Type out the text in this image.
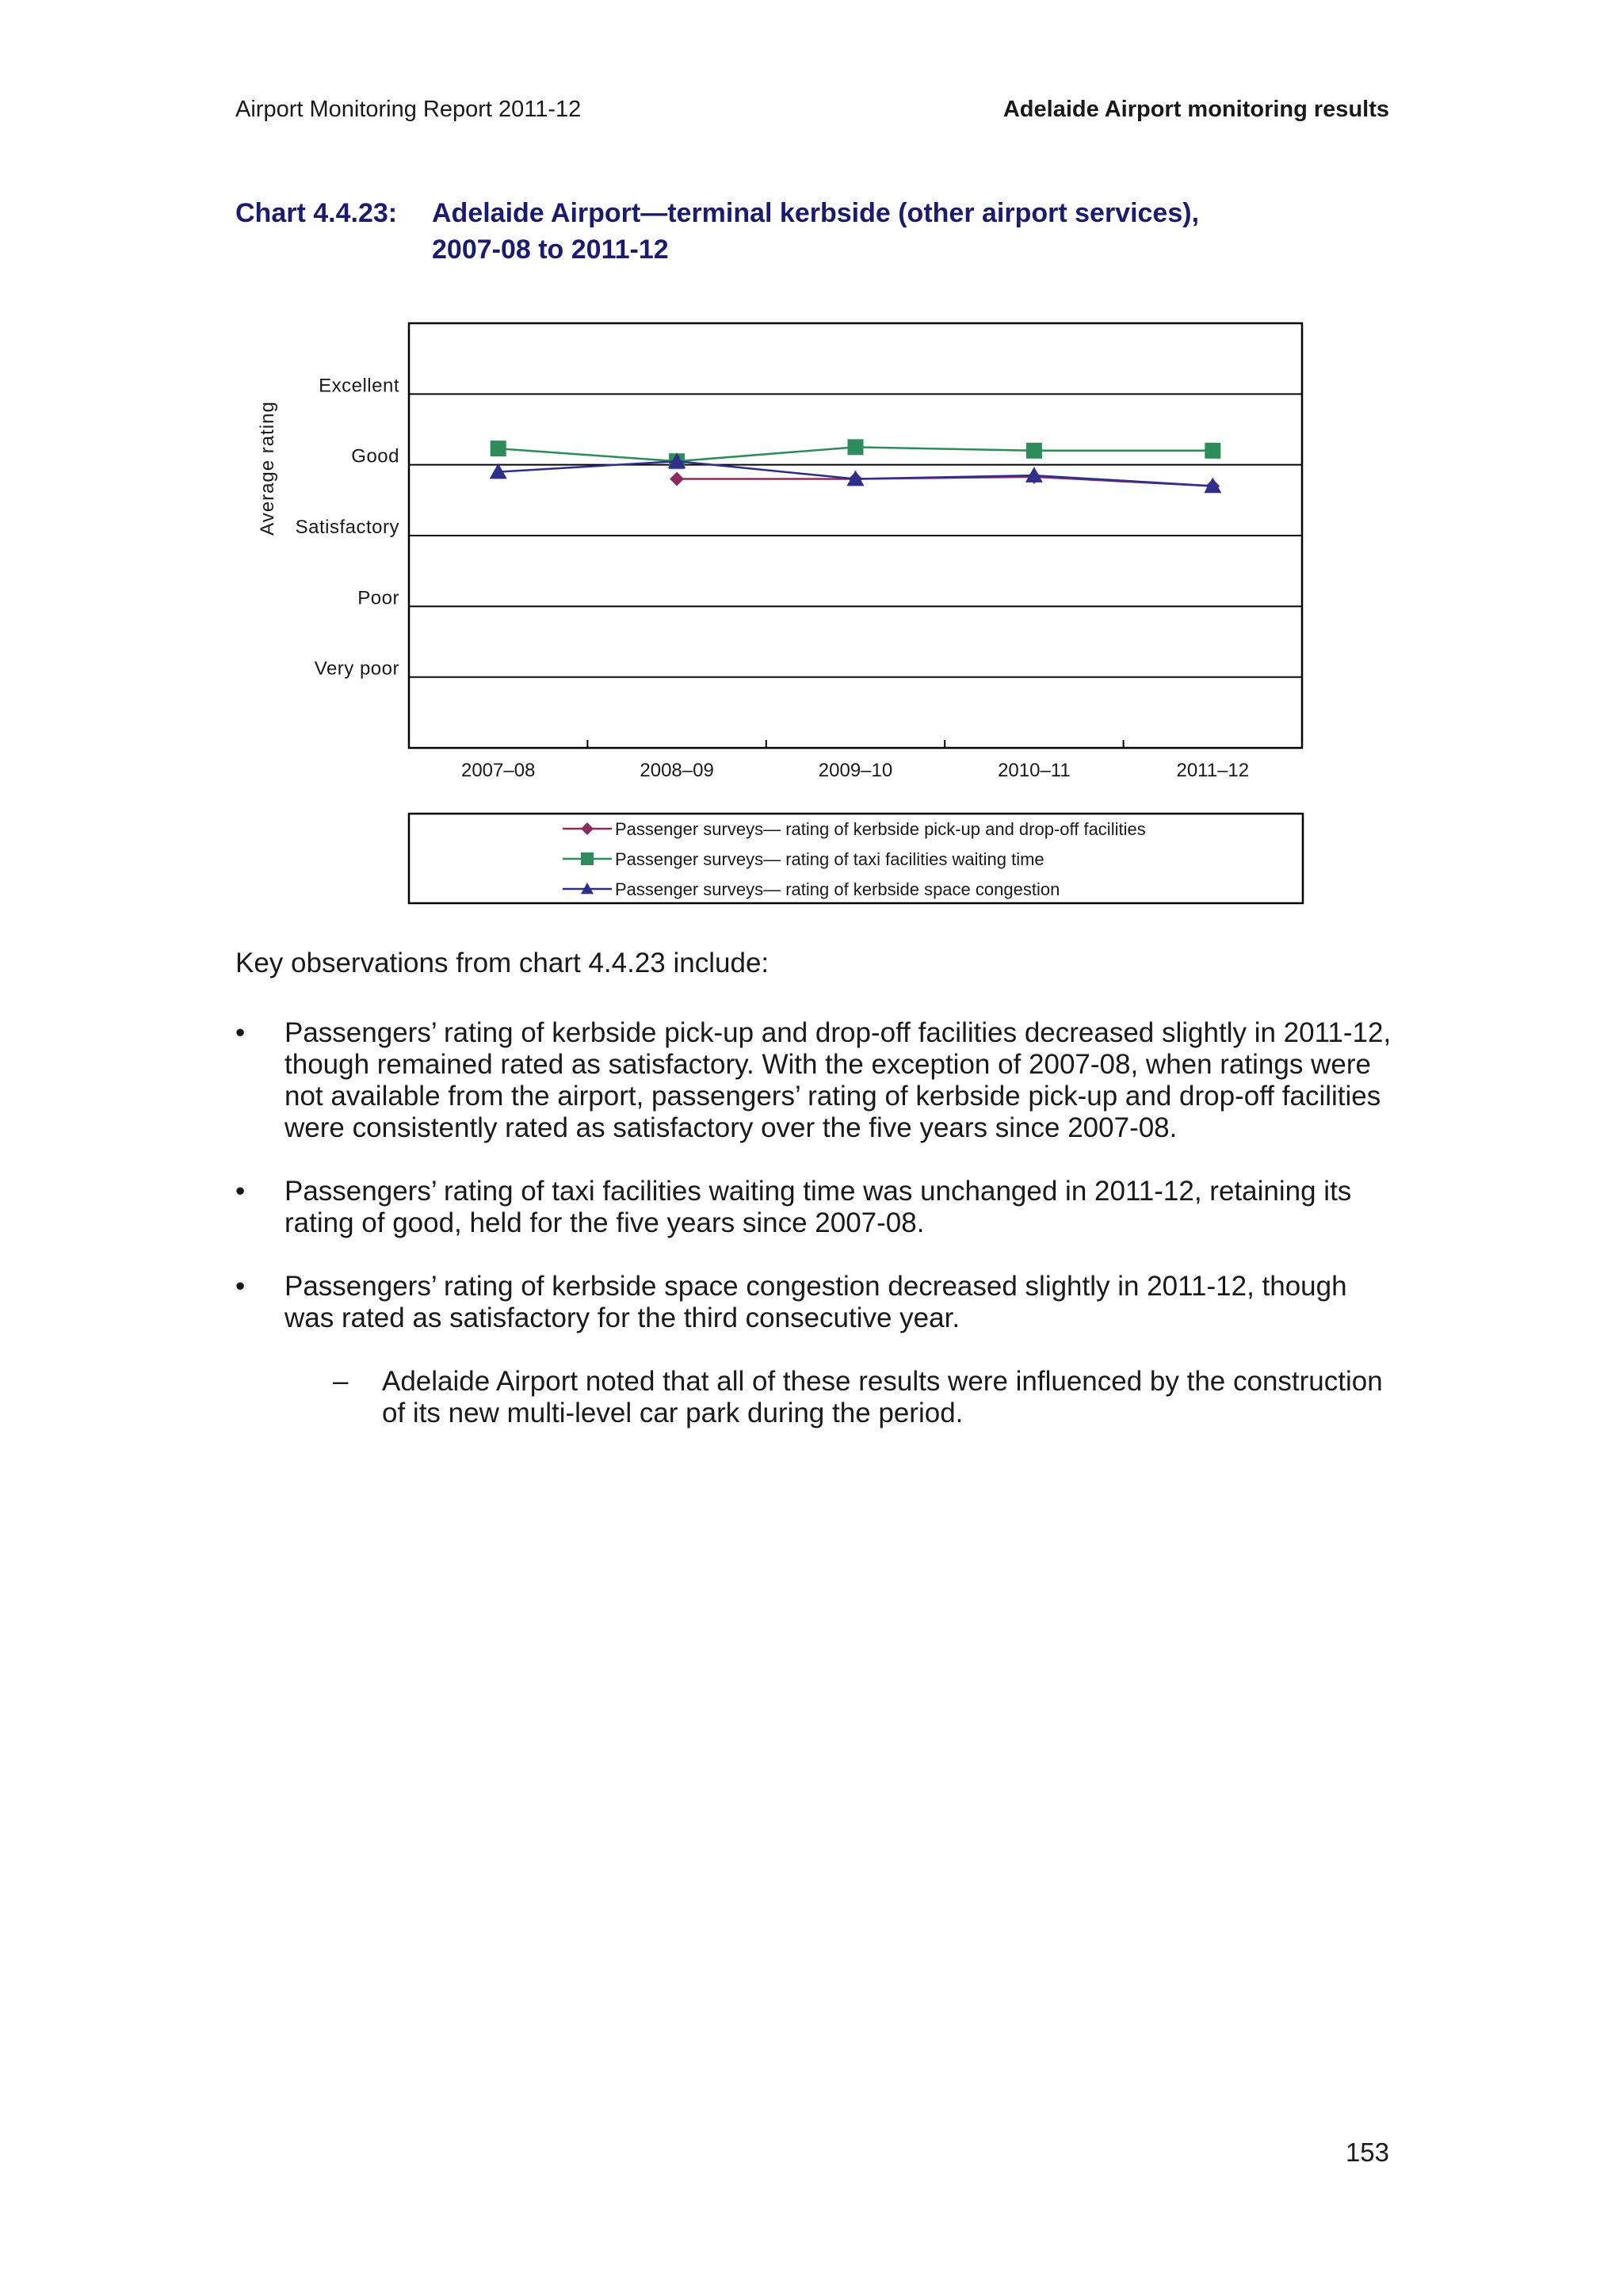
Airport Monitoring Report 2011-12	Adelaide Airport monitoring results
Chart 4.4.23: Adelaide Airport—terminal kerbside (other airport services),
2007-08 to 2011-12
Very poor
Poor
Satisfactory
Good
Excellent
Average rating
2007–08	2008–09	2009–10	2010–11	2011–12
Passenger surveys— rating of kerbside pick-up and drop-off facilities
Passenger surveys— rating of taxi facilities waiting time
Passenger surveys— rating of kerbside space congestion
Key observations from chart 4.4.23 include:
• Passengers’ rating of kerbside pick-up and drop-off facilities decreased slightly in 2011-12,
though remained rated as satisfactory. With the exception of 2007-08, when ratings were
not available from the airport, passengers’ rating of kerbside pick-up and drop-off facilities
were consistently rated as satisfactory over the five years since 2007-08.
• Passengers’ rating of taxi facilities waiting time was unchanged in 2011-12, retaining its
rating of good, held for the five years since 2007-08.
• Passengers’ rating of kerbside space congestion decreased slightly in 2011-12, though
was rated as satisfactory for the third consecutive year.
– Adelaide Airport noted that all of these results were influenced by the construction
of its new multi-level car park during the period.
153
